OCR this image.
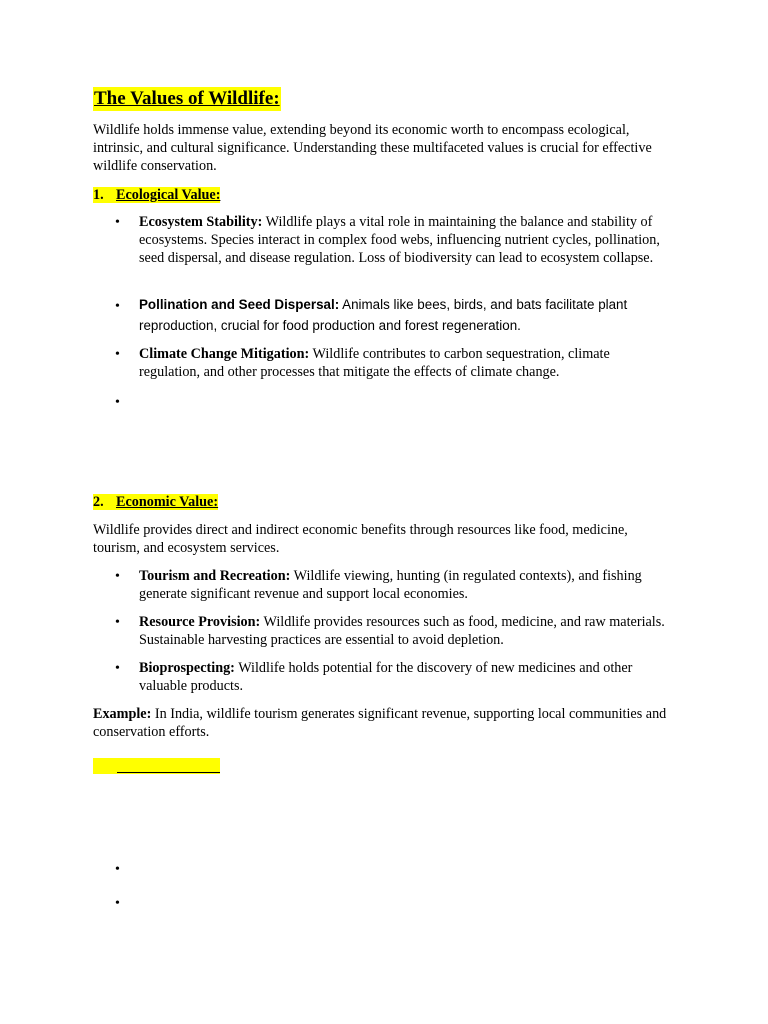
The Values of Wildlife:
Wildlife holds immense value, extending beyond its economic worth to encompass ecological, intrinsic, and cultural significance. Understanding these multifaceted values is crucial for effective wildlife conservation.
1. Ecological Value:
•	Ecosystem Stability: Wildlife plays a vital role in maintaining the balance and stability of ecosystems. Species interact in complex food webs, influencing nutrient cycles, pollination, seed dispersal, and disease regulation. Loss of biodiversity can lead to ecosystem collapse.
•	Pollination and Seed Dispersal: Animals like bees, birds, and bats facilitate plant reproduction, crucial for food production and forest regeneration.
•	Climate Change Mitigation: Wildlife contributes to carbon sequestration, climate regulation, and other processes that mitigate the effects of climate change.
•
2. Economic Value:
Wildlife provides direct and indirect economic benefits through resources like food, medicine, tourism, and ecosystem services.
•	Tourism and Recreation: Wildlife viewing, hunting (in regulated contexts), and fishing generate significant revenue and support local economies.
•	Resource Provision: Wildlife provides resources such as food, medicine, and raw materials. Sustainable harvesting practices are essential to avoid depletion.
•	Bioprospecting: Wildlife holds potential for the discovery of new medicines and other valuable products.
Example: In India, wildlife tourism generates significant revenue, supporting local communities and conservation efforts.
•
•
